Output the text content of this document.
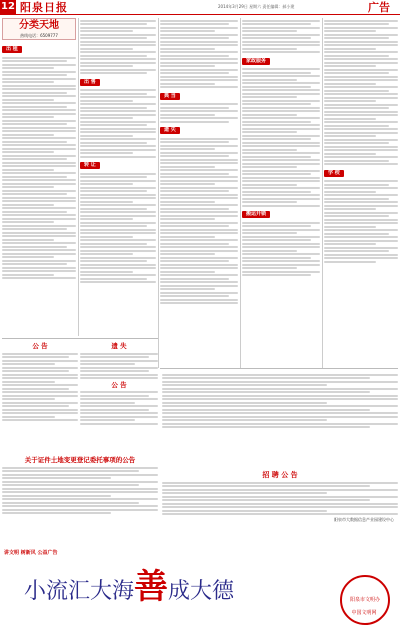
12 阳泉日报	2014年3月29日 星期六 责任编辑：郝小建	广告
分类天地
热线电话：6509777
出 租
出 售
转 让
典 当
遗 失
家政服务
搬运开锁
学 校
公 告
关于证件土地变更登记委托事项的公告
遗 失
公 告
招 聘 公 告
阳泉市大数据信息产业园建设中心
讲文明 树新风 公益广告
小流汇大海善成大德	阳泉市文明办
中国文明网
